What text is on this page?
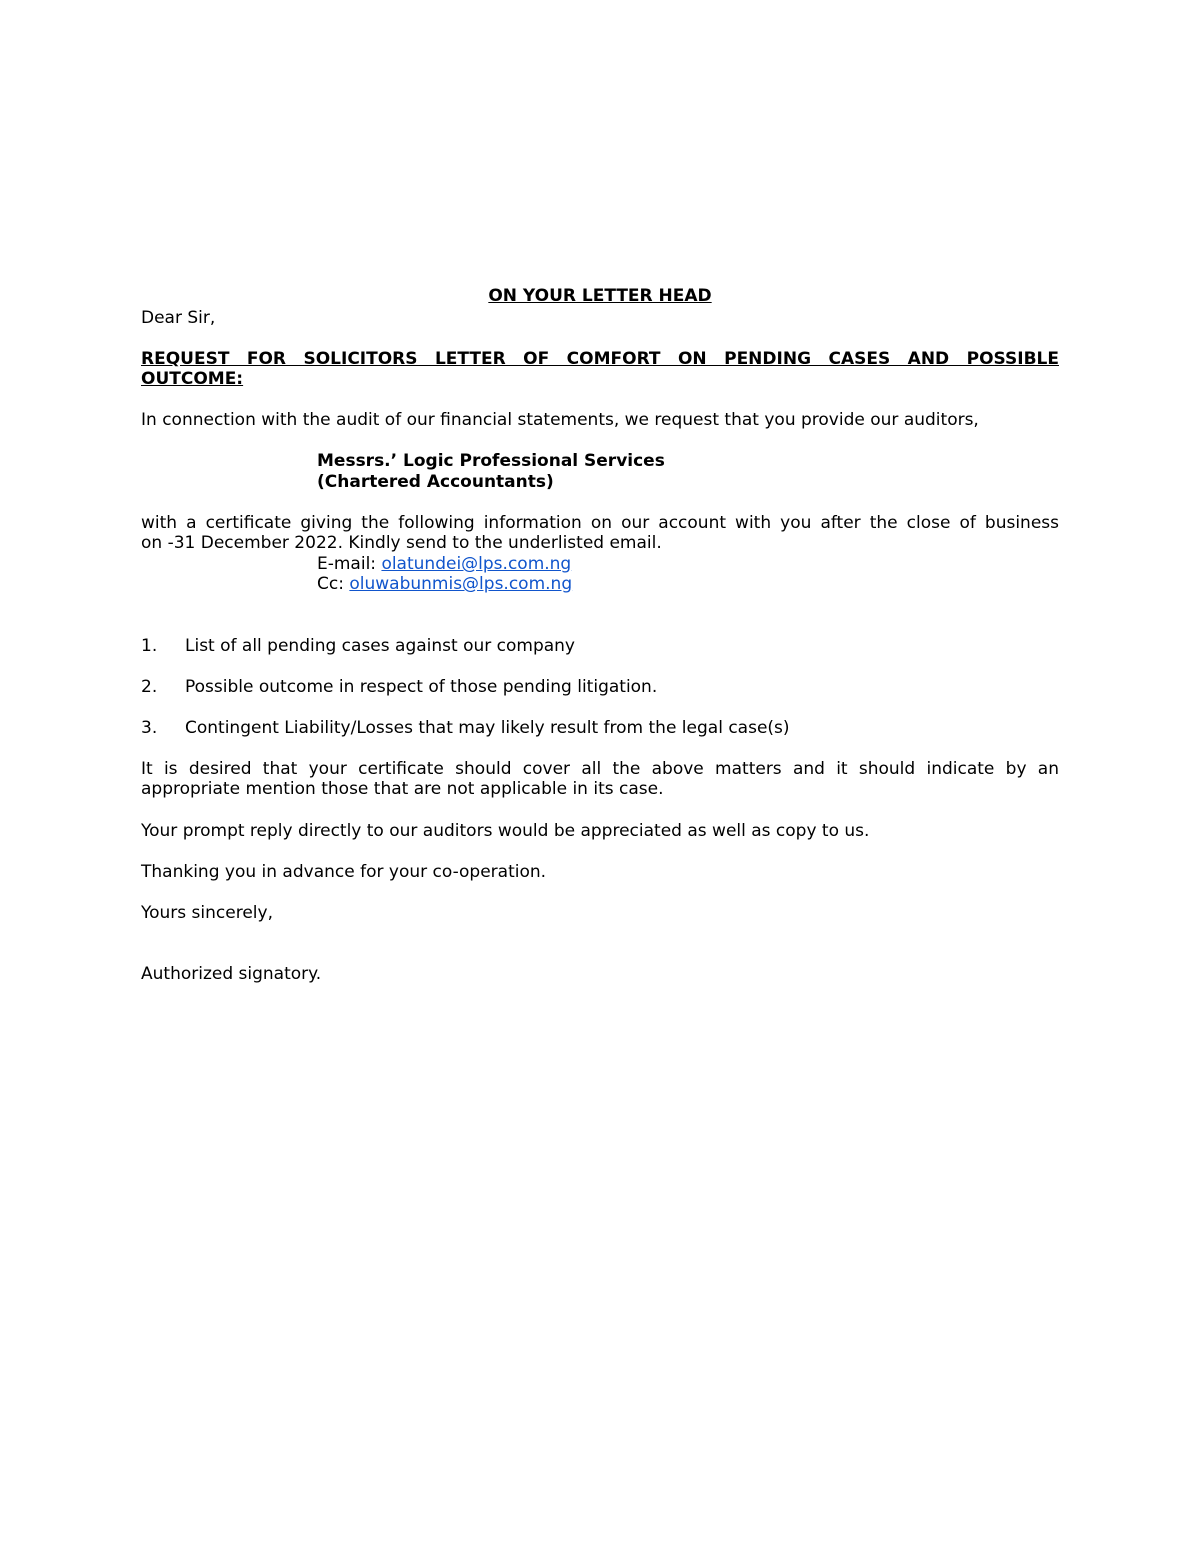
ON YOUR LETTER HEAD
Dear Sir,
REQUEST FOR SOLICITORS LETTER OF COMFORT ON PENDING CASES AND POSSIBLE
OUTCOME:
In connection with the audit of our financial statements, we request that you provide our auditors,
Messrs.’ Logic Professional Services
(Chartered Accountants)
with a certificate giving the following information on our account with you after the close of business
on -31 December 2022. Kindly send to the underlisted email.
E-mail: olatundei@lps.com.ng
Cc: oluwabunmis@lps.com.ng
1. List of all pending cases against our company
2. Possible outcome in respect of those pending litigation.
3. Contingent Liability/Losses that may likely result from the legal case(s)
It is desired that your certificate should cover all the above matters and it should indicate by an
appropriate mention those that are not applicable in its case.
Your prompt reply directly to our auditors would be appreciated as well as copy to us.
Thanking you in advance for your co-operation.
Yours sincerely,
Authorized signatory.
